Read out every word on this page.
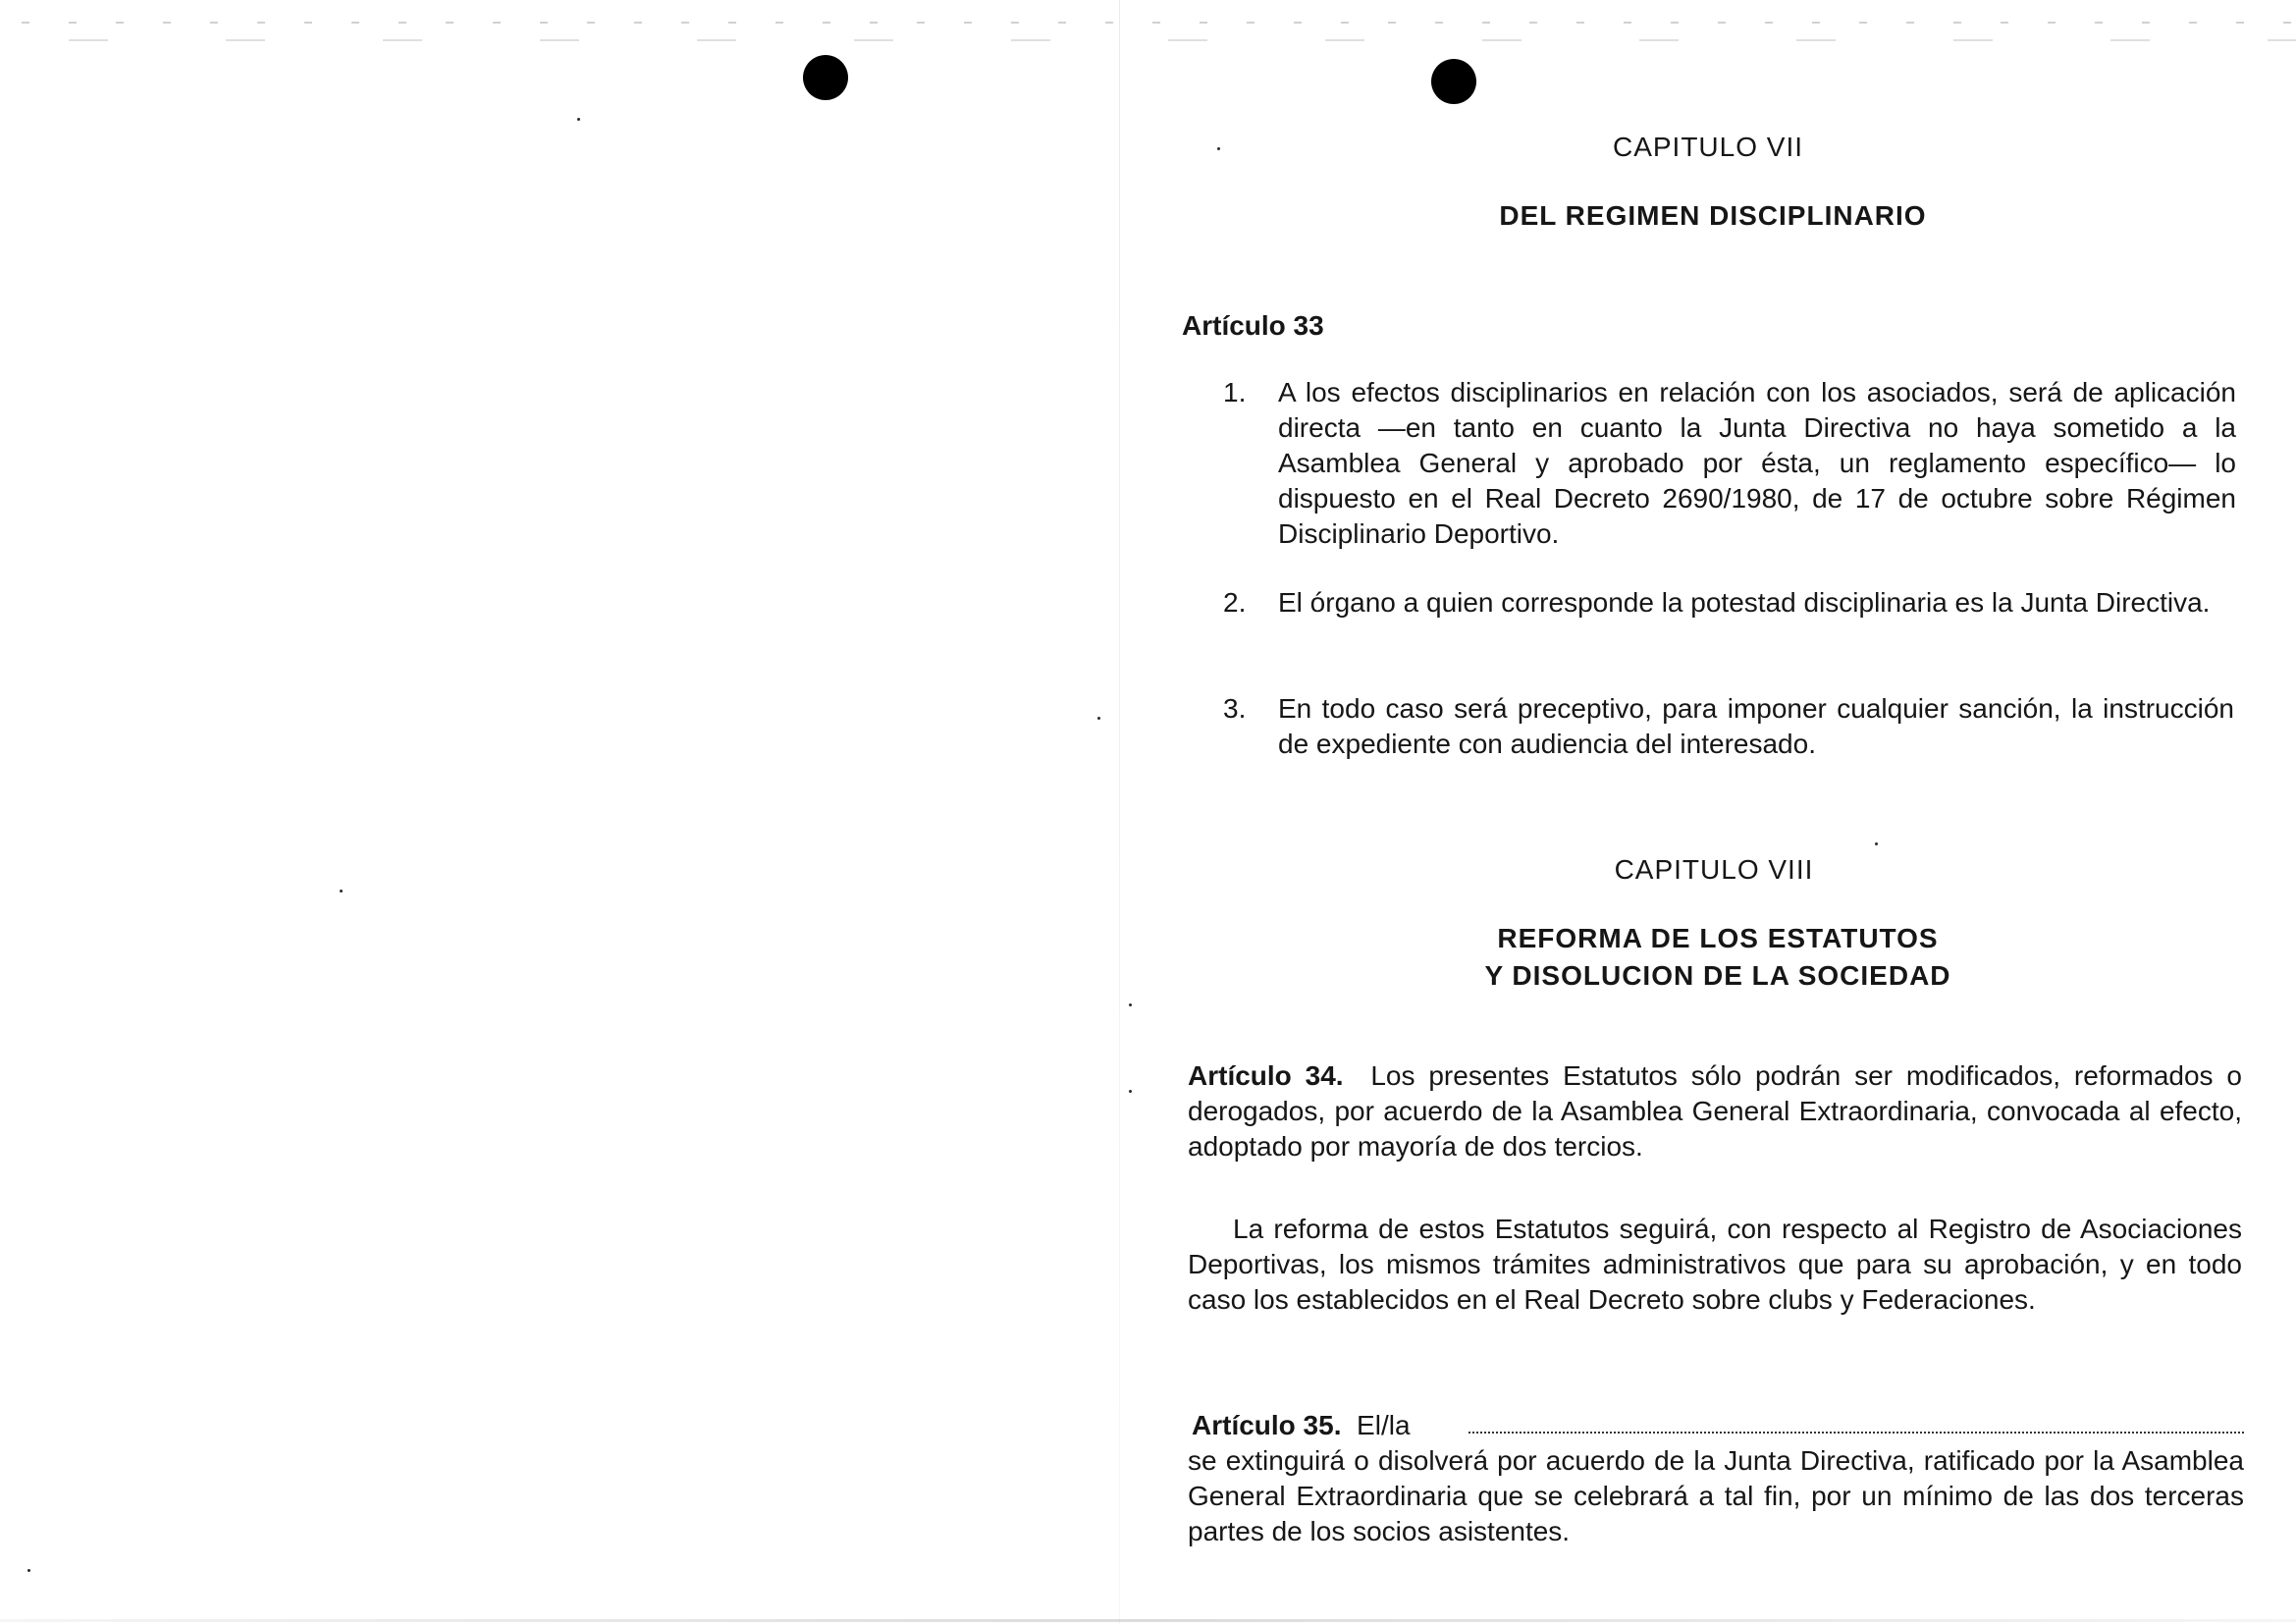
CAPITULO VII
DEL REGIMEN DISCIPLINARIO
Artículo 33
1. A los efectos disciplinarios en relación con los asociados, será de aplicación directa —en tanto en cuanto la Junta Directiva no haya sometido a la Asamblea General y aprobado por ésta, un reglamento específico— lo dispuesto en el Real Decreto 2690/1980, de 17 de octubre sobre Régimen Disciplinario Deportivo.
2. El órgano a quien corresponde la potestad disciplinaria es la Junta Directiva.
3. En todo caso será preceptivo, para imponer cualquier sanción, la instrucción de expediente con audiencia del interesado.
CAPITULO VIII
REFORMA DE LOS ESTATUTOS
Y DISOLUCION DE LA SOCIEDAD
Artículo 34. Los presentes Estatutos sólo podrán ser modificados, reformados o derogados, por acuerdo de la Asamblea General Extraordinaria, convocada al efecto, adoptado por mayoría de dos tercios.
La reforma de estos Estatutos seguirá, con respecto al Registro de Asociaciones Deportivas, los mismos trámites administrativos que para su aprobación, y en todo caso los establecidos en el Real Decreto sobre clubs y Federaciones.
Artículo 35. El/la
se extinguirá o disolverá por acuerdo de la Junta Directiva, ratificado por la Asamblea General Extraordinaria que se celebrará a tal fin, por un mínimo de las dos terceras partes de los socios asistentes.
